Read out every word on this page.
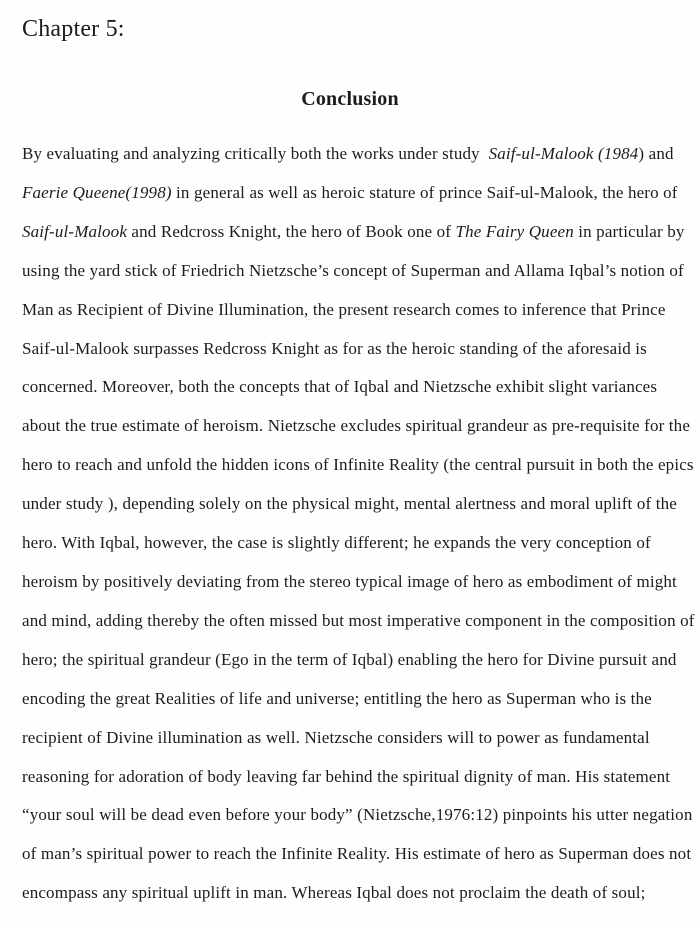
Chapter 5:
Conclusion
By evaluating and analyzing critically both the works under study  Saif-ul-Malook (1984) and
Faerie Queene(1998) in general as well as heroic stature of prince Saif-ul-Malook, the hero of
Saif-ul-Malook and Redcross Knight, the hero of Book one of The Fairy Queen in particular by
using the yard stick of Friedrich Nietzsche’s concept of Superman and Allama Iqbal’s notion of
Man as Recipient of Divine Illumination, the present research comes to inference that Prince
Saif-ul-Malook surpasses Redcross Knight as for as the heroic standing of the aforesaid is
concerned. Moreover, both the concepts that of Iqbal and Nietzsche exhibit slight variances
about the true estimate of heroism. Nietzsche excludes spiritual grandeur as pre-requisite for the
hero to reach and unfold the hidden icons of Infinite Reality (the central pursuit in both the epics
under study ), depending solely on the physical might, mental alertness and moral uplift of the
hero. With Iqbal, however, the case is slightly different; he expands the very conception of
heroism by positively deviating from the stereo typical image of hero as embodiment of might
and mind, adding thereby the often missed but most imperative component in the composition of
hero; the spiritual grandeur (Ego in the term of Iqbal) enabling the hero for Divine pursuit and
encoding the great Realities of life and universe; entitling the hero as Superman who is the
recipient of Divine illumination as well. Nietzsche considers will to power as fundamental
reasoning for adoration of body leaving far behind the spiritual dignity of man. His statement
“your soul will be dead even before your body” (Nietzsche,1976:12) pinpoints his utter negation
of man’s spiritual power to reach the Infinite Reality. His estimate of hero as Superman does not
encompass any spiritual uplift in man. Whereas Iqbal does not proclaim the death of soul;
